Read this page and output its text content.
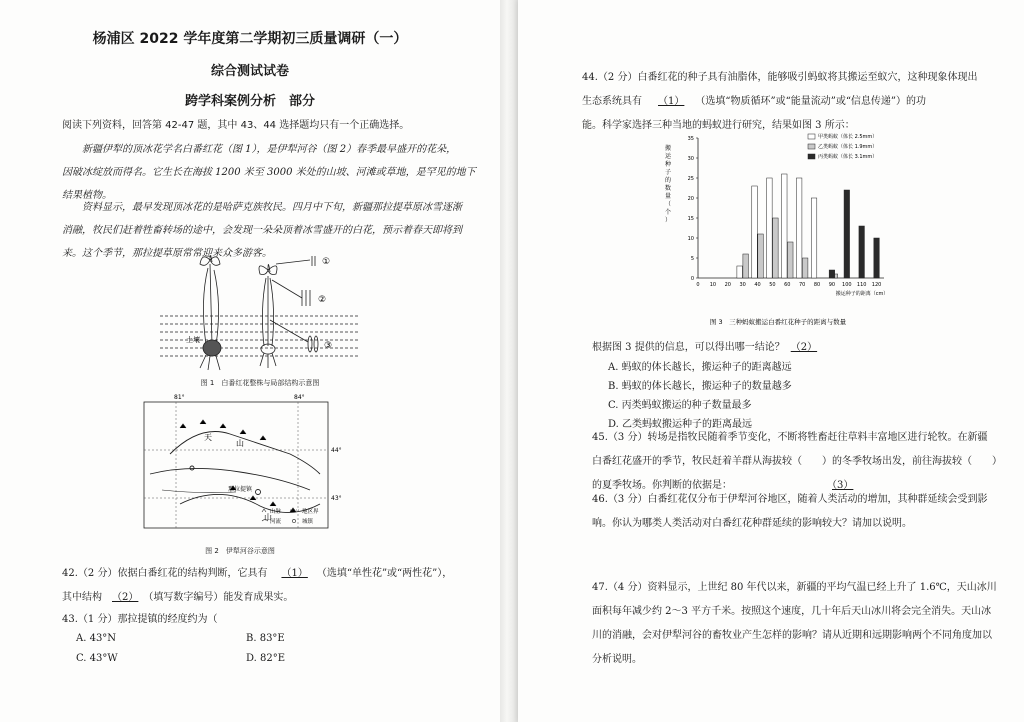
杨浦区 2022 学年度第二学期初三质量调研（一）
综合测试试卷
跨学科案例分析　部分
阅读下列资料，回答第 42-47 题，其中 43、44 选择题均只有一个正确选择。
新疆伊犁的顶冰花学名白番红花（图 1），是伊犁河谷（图 2）春季最早盛开的花朵，
因破冰绽放而得名。它生长在海拔 1200 米至 3000 米处的山坡、河滩或草地，是罕见的地下
结果植物。
资料显示，最早发现顶冰花的是哈萨克族牧民。四月中下旬，新疆那拉提草原冰雪逐渐
消融，牧民们赶着牲畜转场的途中，会发现一朵朵顶着冰雪盛开的白花，预示着春天即将到
来。这个季节，那拉提草原常常迎来众多游客。
土壤
①
②
③
图 1　白番红花整株与局部结构示意图
81°	84°
44°
43°
天
山
山
那拉提镇
山脉	地区界
河流	城镇
图 2　伊犁河谷示意图
42.（2 分）依据白番红花的结构判断，它具有 （1） （选填“单性花”或“两性花”），
其中结构 （2） （填写数字编号）能发育成果实。
43.（1 分）那拉提镇的经度约为（
A. 43°N	B. 83°E
C. 43°W	D. 82°E
44.（2 分）白番红花的种子具有油脂体，能够吸引蚂蚁将其搬运至蚁穴，这种现象体现出
生态系统具有 （1） （选填“物质循环”或“能量流动”或“信息传递”）的功
能。科学家选择三种当地的蚂蚁进行研究，结果如图 3 所示：
0
5
10
15
20
25
30
35
0 10 20 30 40 50 60 70 80 90 100 110 120
搬
运
种
子
的
数
量
（
个
）
搬运种子的距离（cm）
甲类蚂蚁（体长 2.5mm）
乙类蚂蚁（体长 1.9mm）
丙类蚂蚁（体长 3.1mm）
图 3　三种蚂蚁搬运白番红花种子的距离与数量
根据图 3 提供的信息，可以得出哪一结论？ （2）
A. 蚂蚁的体长越长，搬运种子的距离越远
B. 蚂蚁的体长越长，搬运种子的数量越多
C. 丙类蚂蚁搬运的种子数量最多
D. 乙类蚂蚁搬运种子的距离最远
45.（3 分）转场是指牧民随着季节变化，不断将牲畜赶往草料丰富地区进行轮牧。在新疆
白番红花盛开的季节，牧民赶着羊群从海拔较（ ）的冬季牧场出发，前往海拔较（ ）
的夏季牧场。你判断的依据是：	（3）
46.（3 分）白番红花仅分布于伊犁河谷地区，随着人类活动的增加，其种群延续会受到影
响。你认为哪类人类活动对白番红花种群延续的影响较大？请加以说明。
47.（4 分）资料显示，上世纪 80 年代以来，新疆的平均气温已经上升了 1.6℃，天山冰川
面积每年减少约 2～3 平方千米。按照这个速度，几十年后天山冰川将会完全消失。天山冰
川的消融，会对伊犁河谷的畜牧业产生怎样的影响？请从近期和远期影响两个不同角度加以
分析说明。
